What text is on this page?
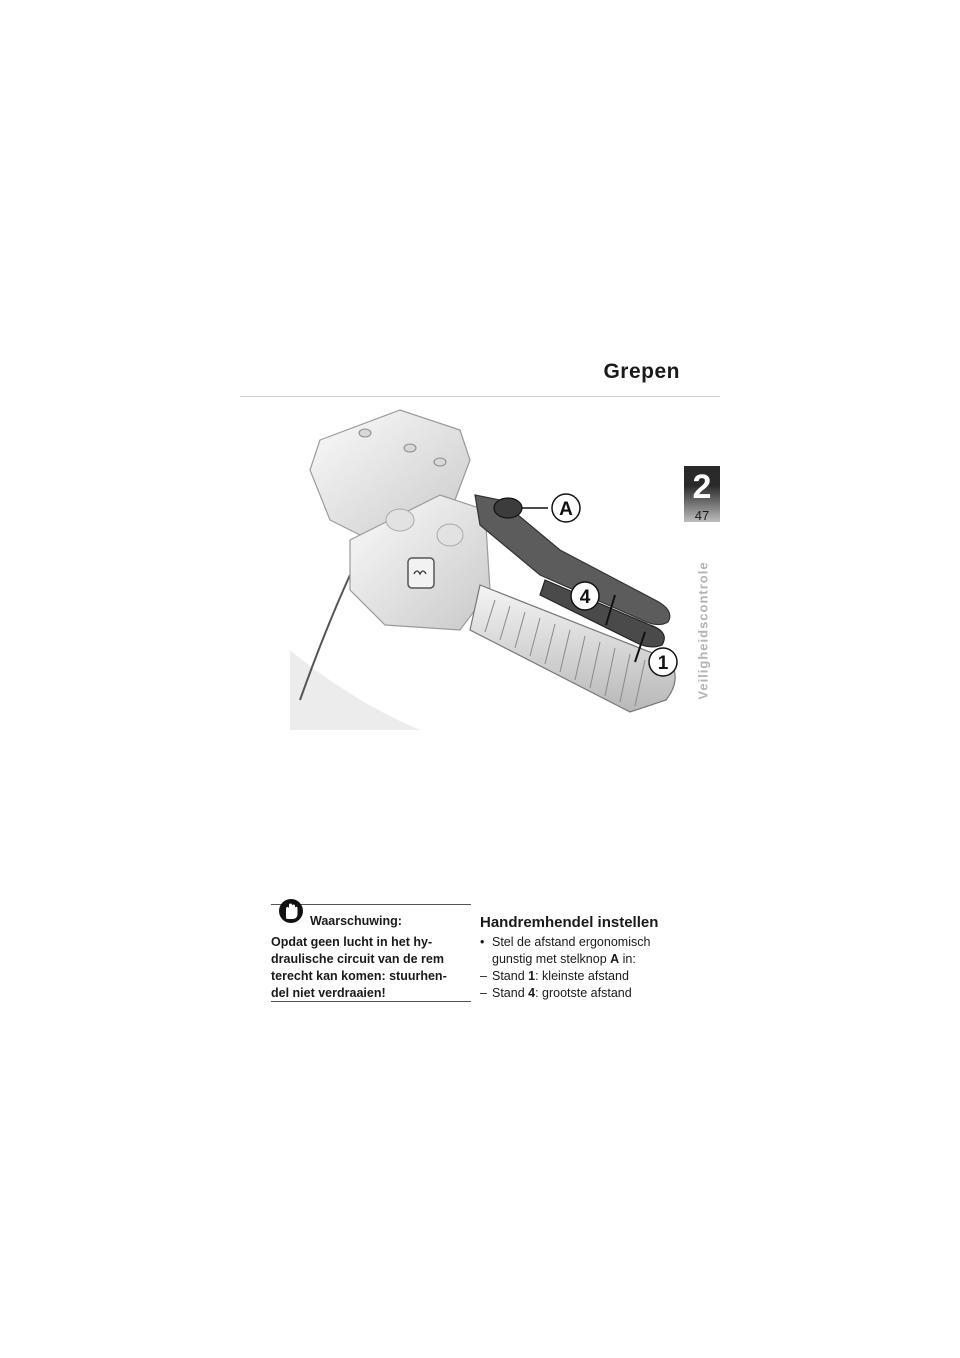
Grepen
2
47
Veiligheidscontrole
A
4
1
Waarschuwing:
Opdat geen lucht in het hy-
draulische circuit van de rem
terecht kan komen: stuurhen-
del niet verdraaien!
Handremhendel instellen
• Stel de afstand ergonomisch
gunstig met stelknop A in:
– Stand 1: kleinste afstand
– Stand 4: grootste afstand
